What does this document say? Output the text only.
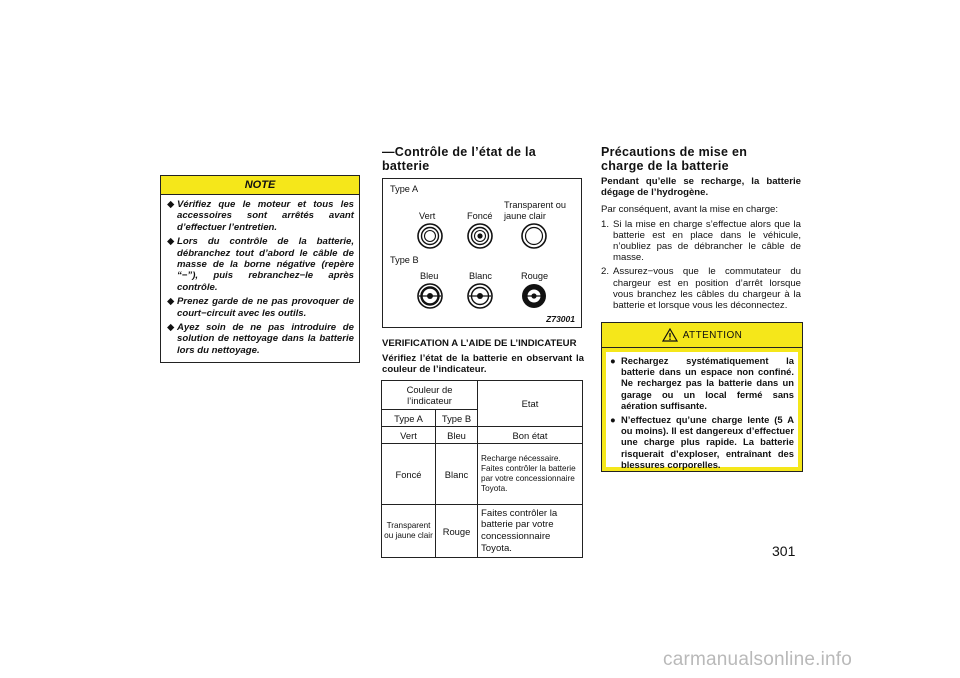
NOTE
◆ Vérifiez que le moteur et tous les accessoires sont arrêtés avant d’effectuer l’entretien.
◆ Lors du contrôle de la batterie, débranchez tout d’abord le câble de masse de la borne négative (repère “−”), puis rebranchez−le après contrôle.
◆ Prenez garde de ne pas provoquer de court−circuit avec les outils.
◆ Ayez soin de ne pas introduire de solution de nettoyage dans la batterie lors du nettoyage.
—Contrôle de l’état de la
batterie
Type A
Vert	Foncé
Transparent ou
jaune clair
Type B
Bleu	Blanc	Rouge
Z73001
VERIFICATION A L’AIDE DE L’INDICATEUR
Vérifiez l’état de la batterie en observant la couleur de l’indicateur.
Couleur de l’indicateur		Etat
Type A	Type B	
Vert	Bleu	Bon état
Foncé	Blanc	Recharge nécessaire. Faites contrôler la batterie par votre concessionnaire Toyota.
Transparent ou jaune clair	Rouge	Faites contrôler la batterie par votre concessionnaire Toyota.
Précautions de mise en
charge de la batterie
Pendant qu’elle se recharge, la batterie dégage de l’hydrogène.
Par conséquent, avant la mise en charge:
1. Si la mise en charge s’effectue alors que la batterie est en place dans le véhicule, n’oubliez pas de débrancher le câble de masse.
2. Assurez−vous que le commutateur du chargeur est en position d’arrêt lorsque vous branchez les câbles du chargeur à la batterie et lorsque vous les déconnectez.
ATTENTION
● Rechargez systématiquement la batterie dans un espace non confiné. Ne rechargez pas la batterie dans un garage ou un local fermé sans aération suffisante.
● N’effectuez qu’une charge lente (5 A ou moins). Il est dangereux d’effectuer une charge plus rapide. La batterie risquerait d’exploser, entraînant des blessures corporelles.
301
carmanualsonline.info
